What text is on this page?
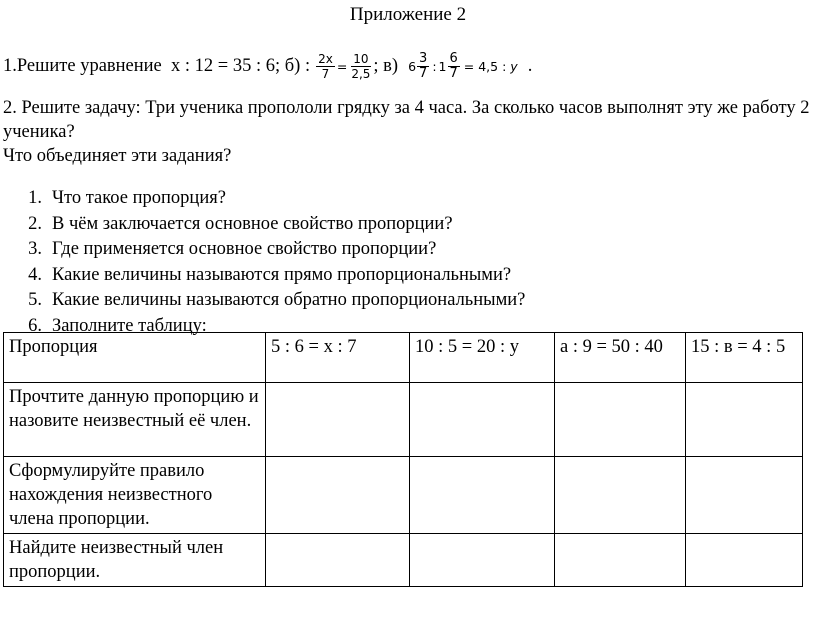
Приложение 2
1.Решите уравнение  х : 12 = 35 : 6; б) : $\frac{2x}{7} = \frac{10}{2,5}$ ; в) $6 \frac{3}{7}$ : $1 \frac{6}{7} = 4,5$ : y .

2. Решите задачу: Три ученика пропололи грядку за 4 часа. За сколько часов выполнят эту же работу 2 ученика?

Что объединяет эти задания?

1. Что такое пропорция?
2. В чём заключается основное свойство пропорции?
3. Где применяется основное свойство пропорции?
4. Какие величины называются прямо пропорциональными?
5. Какие величины называются обратно пропорциональными?
6. Заполните таблицу:
Пропорция	5 : 6 = х : 7	10 : 5 = 20 : у	а : 9 = 50 : 40	15 : в = 4 : 5
Прочтите данную пропорцию и назовите неизвестный её член.				
Сформулируйте правило нахождения неизвестного члена пропорции.				
Найдите неизвестный член пропорции.				
